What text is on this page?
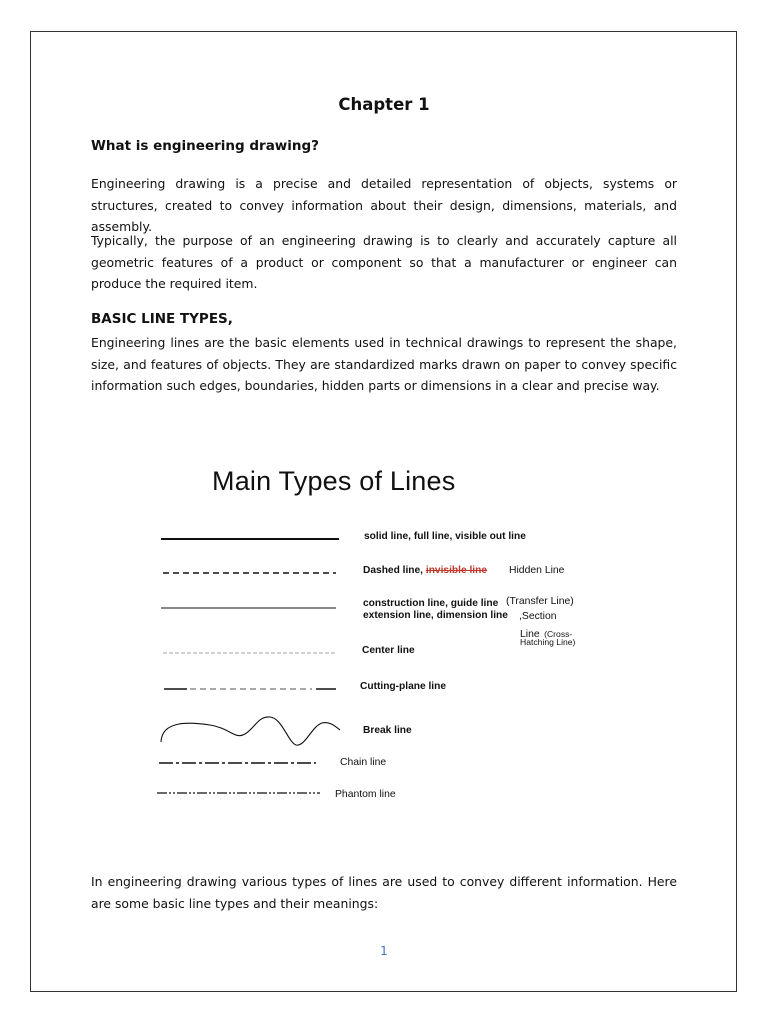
Chapter 1
What is engineering drawing?

Engineering drawing is a precise and detailed representation of objects, systems or structures, created to convey information about their design, dimensions, materials, and assembly.

Typically, the purpose of an engineering drawing is to clearly and accurately capture all geometric features of a product or component so that a manufacturer or engineer can produce the required item.

BASIC LINE TYPES,

Engineering lines are the basic elements used in technical drawings to represent the shape, size, and features of objects. They are standardized marks drawn on paper to convey specific information such edges, boundaries, hidden parts or dimensions in a clear and precise way.

Main Types of Lines
solid line, full line, visible out line
Dashed line, invisible line Hidden Line
construction line, guide line (Transfer Line)
extension line, dimension line ,Section
Line (Cross-
Hatching Line)
Center line
Cutting-plane line
Break line
Chain line
Phantom line

In engineering drawing various types of lines are used to convey different information. Here are some basic line types and their meanings:

1
